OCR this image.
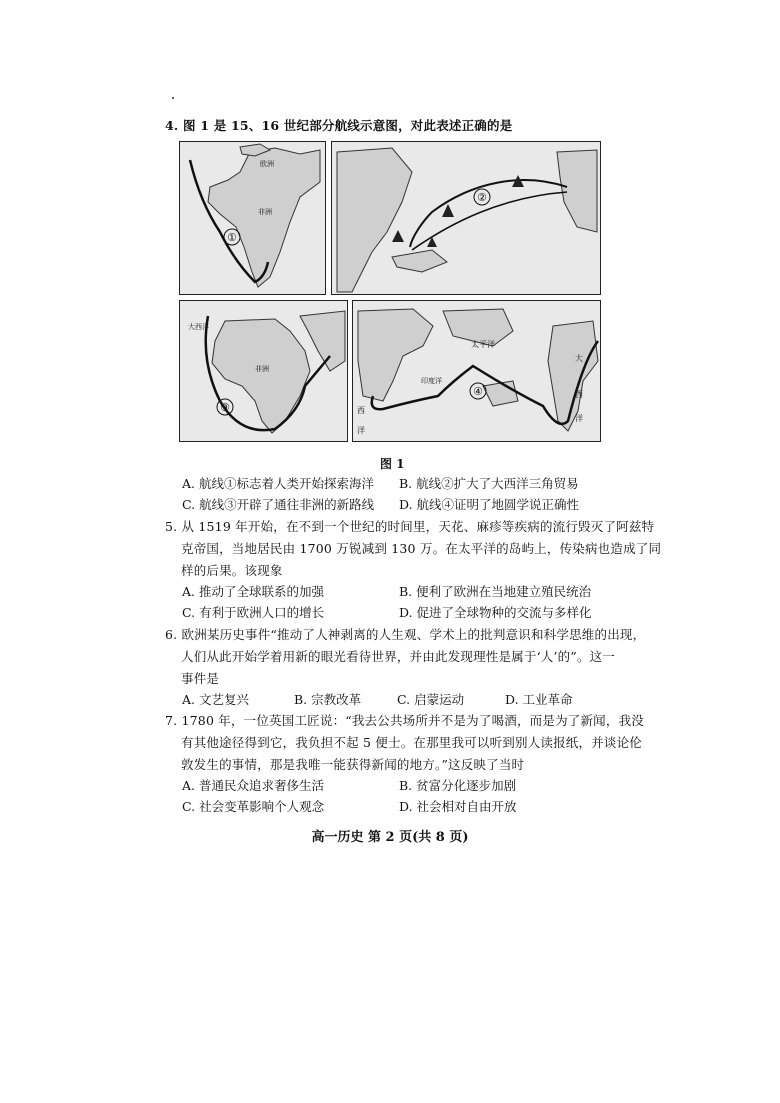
4. 图 1 是 15、16 世纪部分航线示意图，对此表述正确的是
欧洲
非洲
①
②
大西洋
非洲
③
太平洋
印度洋
大
西
洋
西
洋
④
图 1
A. 航线①标志着人类开始探索海洋 B. 航线②扩大了大西洋三角贸易
C. 航线③开辟了通往非洲的新路线 D. 航线④证明了地圆学说正确性
5. 从 1519 年开始，在不到一个世纪的时间里，天花、麻疹等疾病的流行毁灭了阿兹特
克帝国，当地居民由 1700 万锐减到 130 万。在太平洋的岛屿上，传染病也造成了同
样的后果。该现象
A. 推动了全球联系的加强	B. 便利了欧洲在当地建立殖民统治
C. 有利于欧洲人口的增长	D. 促进了全球物种的交流与多样化
6. 欧洲某历史事件“推动了人神剥离的人生观、学术上的批判意识和科学思维的出现，
人们从此开始学着用新的眼光看待世界，并由此发现理性是属于‘人’的”。这一
事件是
A. 文艺复兴	B. 宗教改革	C. 启蒙运动	D. 工业革命
7. 1780 年，一位英国工匠说：“我去公共场所并不是为了喝酒，而是为了新闻，我没
有其他途径得到它，我负担不起 5 便士。在那里我可以听到别人读报纸，并谈论伦
敦发生的事情，那是我唯一能获得新闻的地方。”这反映了当时
A. 普通民众追求奢侈生活	B. 贫富分化逐步加剧
C. 社会变革影响个人观念	D. 社会相对自由开放
高一历史 第 2 页(共 8 页)
